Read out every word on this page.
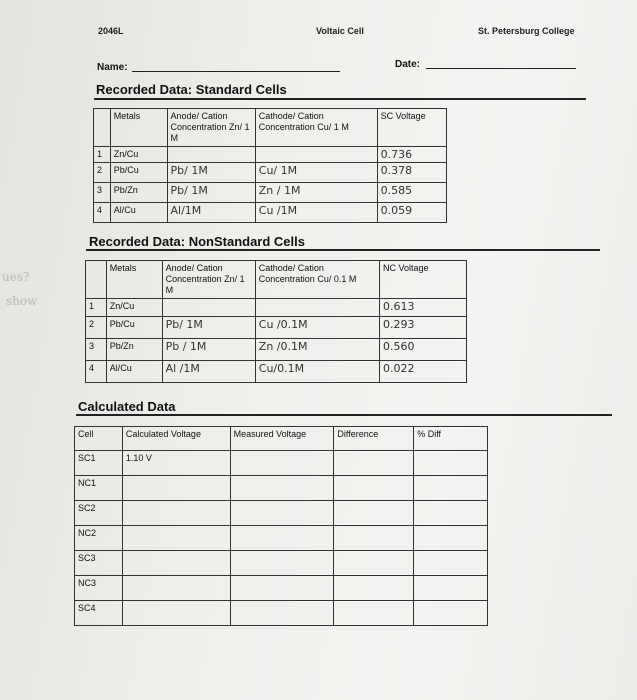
2046L	Voltaic Cell	St. Petersburg College
Name:	Date:
Recorded Data: Standard Cells
	Metals	Anode/ Cation Concentration Zn/ 1 M	Cathode/ Cation Concentration Cu/ 1 M	SC Voltage
1	Zn/Cu			0.736
2	Pb/Cu	Pb/ 1M	Cu/ 1M	0.378
3	Pb/Zn	Pb/ 1M	Zn / 1M	0.585
4	Al/Cu	Al/1M	Cu /1M	0.059
Recorded Data: NonStandard Cells
ues?
show
	Metals	Anode/ Cation Concentration Zn/ 1 M	Cathode/ Cation Concentration Cu/ 0.1 M	NC Voltage
1	Zn/Cu			0.613
2	Pb/Cu	Pb/ 1M	Cu /0.1M	0.293
3	Pb/Zn	Pb / 1M	Zn /0.1M	0.560
4	Al/Cu	Al /1M	Cu/0.1M	0.022
Calculated Data
Cell	Calculated Voltage	Measured Voltage	Difference	% Diff
SC1	1.10 V			
NC1				
SC2				
NC2				
SC3				
NC3				
SC4				
